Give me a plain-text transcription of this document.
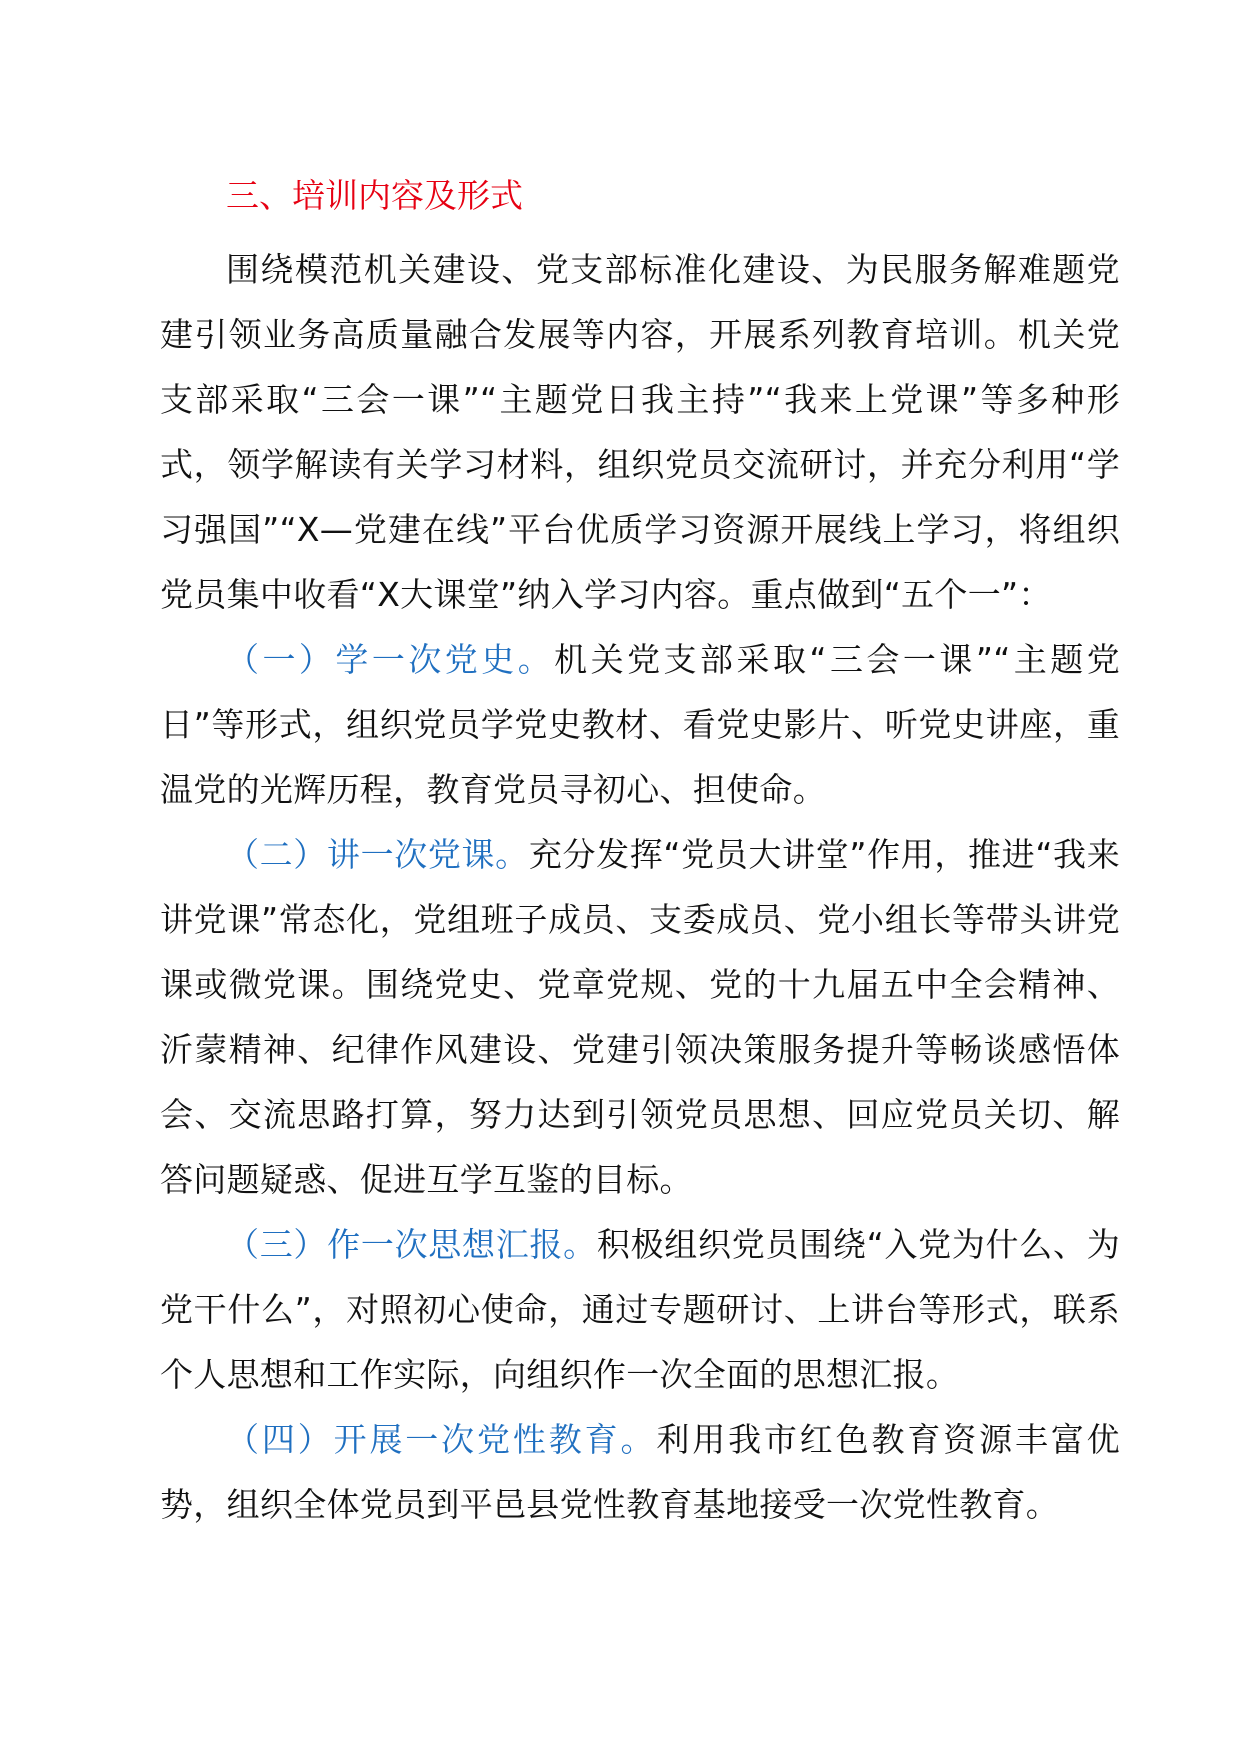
三、培训内容及形式

围绕模范机关建设、党支部标准化建设、为民服务解难题党建引领业务高质量融合发展等内容，开展系列教育培训。机关党支部采取“三会一课”“主题党日我主持”“我来上党课”等多种形式，领学解读有关学习材料，组织党员交流研讨，并充分利用“学习强国”“X—党建在线”平台优质学习资源开展线上学习，将组织党员集中收看“X大课堂”纳入学习内容。重点做到“五个一”：

（一）学一次党史。机关党支部采取“三会一课”“主题党日”等形式，组织党员学党史教材、看党史影片、听党史讲座，重温党的光辉历程，教育党员寻初心、担使命。

（二）讲一次党课。充分发挥“党员大讲堂”作用，推进“我来讲党课”常态化，党组班子成员、支委成员、党小组长等带头讲党课或微党课。围绕党史、党章党规、党的十九届五中全会精神、沂蒙精神、纪律作风建设、党建引领决策服务提升等畅谈感悟体会、交流思路打算，努力达到引领党员思想、回应党员关切、解答问题疑惑、促进互学互鉴的目标。

（三）作一次思想汇报。积极组织党员围绕“入党为什么、为党干什么”，对照初心使命，通过专题研讨、上讲台等形式，联系个人思想和工作实际，向组织作一次全面的思想汇报。

（四）开展一次党性教育。利用我市红色教育资源丰富优势，组织全体党员到平邑县党性教育基地接受一次党性教育。
